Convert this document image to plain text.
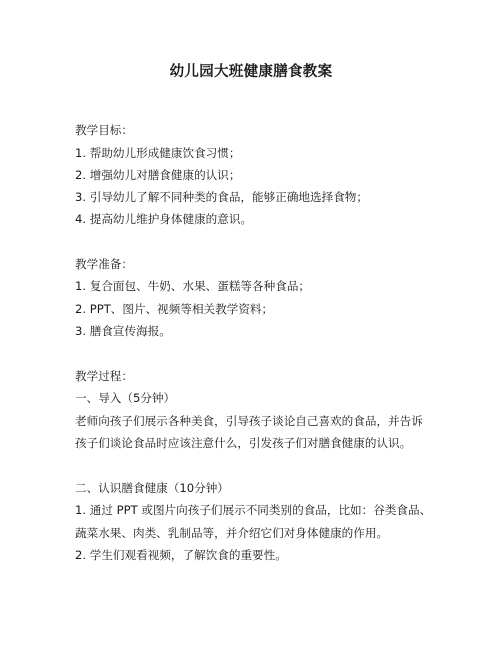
幼儿园大班健康膳食教案
教学目标：
1. 帮助幼儿形成健康饮食习惯；
2. 增强幼儿对膳食健康的认识；
3. 引导幼儿了解不同种类的食品，能够正确地选择食物；
4. 提高幼儿维护身体健康的意识。
教学准备：
1. 复合面包、牛奶、水果、蛋糕等各种食品；
2. PPT、图片、视频等相关教学资料；
3. 膳食宣传海报。
教学过程：
一、导入（5分钟）
老师向孩子们展示各种美食，引导孩子谈论自己喜欢的食品，并告诉
孩子们谈论食品时应该注意什么，引发孩子们对膳食健康的认识。
二、认识膳食健康（10分钟）
1. 通过 PPT 或图片向孩子们展示不同类别的食品，比如：谷类食品、
蔬菜水果、肉类、乳制品等，并介绍它们对身体健康的作用。
2. 学生们观看视频，了解饮食的重要性。
